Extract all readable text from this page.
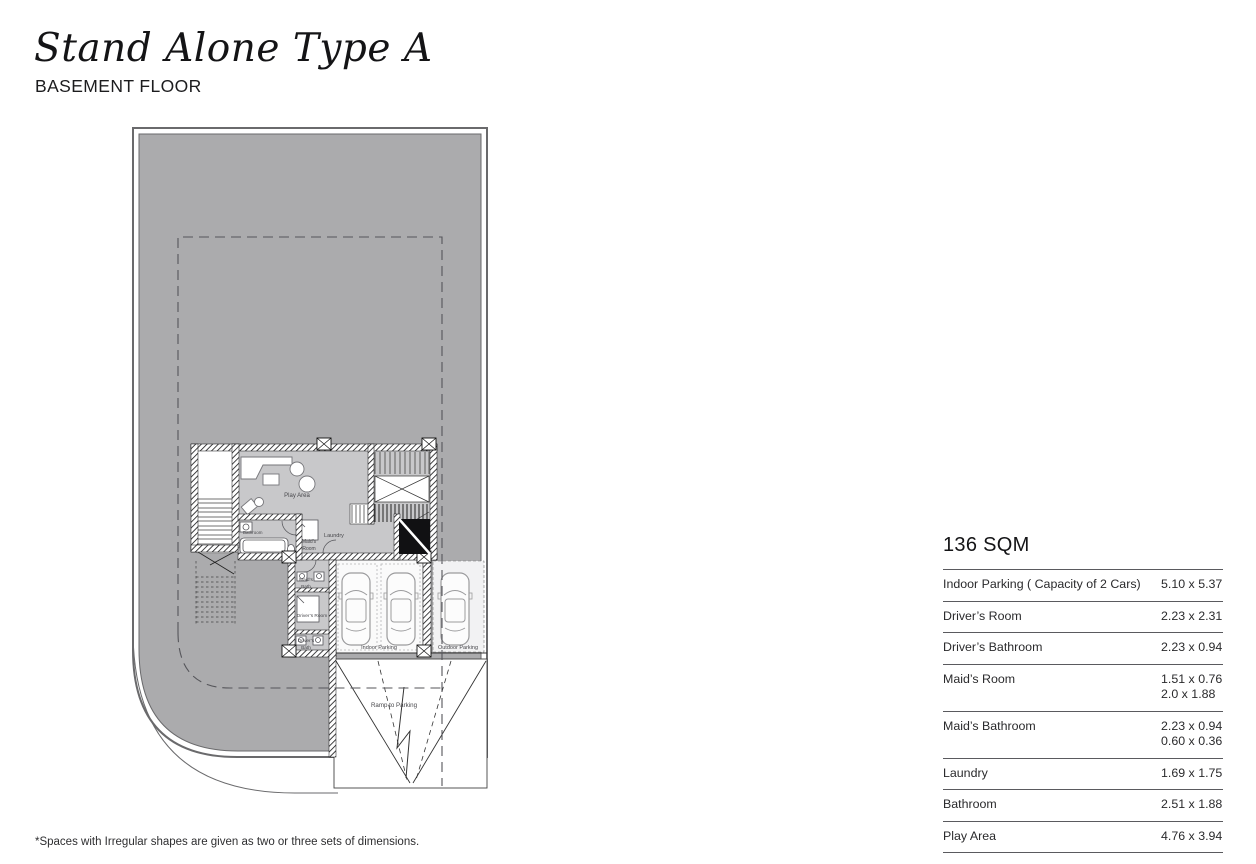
Stand Alone Type A
BASEMENT FLOOR
Play Area
Bathroom
Maid’s
Room
Laundry
Maid’s
Bath
Driver’s Room
Driver’s
Bath	Indoor Parking	Outdoor Parking
Ramp to Parking
136 SQM
Indoor Parking ( Capacity of 2 Cars)	5.10 x 5.37
Driver’s Room	2.23 x 2.31
Driver’s Bathroom	2.23 x 0.94
Maid’s Room	1.51 x 0.76
2.0 x 1.88
Maid’s Bathroom	2.23 x 0.94
0.60 x 0.36
Laundry	1.69 x 1.75
Bathroom	2.51 x 1.88
Play Area	4.76 x 3.94
*Spaces with Irregular shapes are given as two or three sets of dimensions.
